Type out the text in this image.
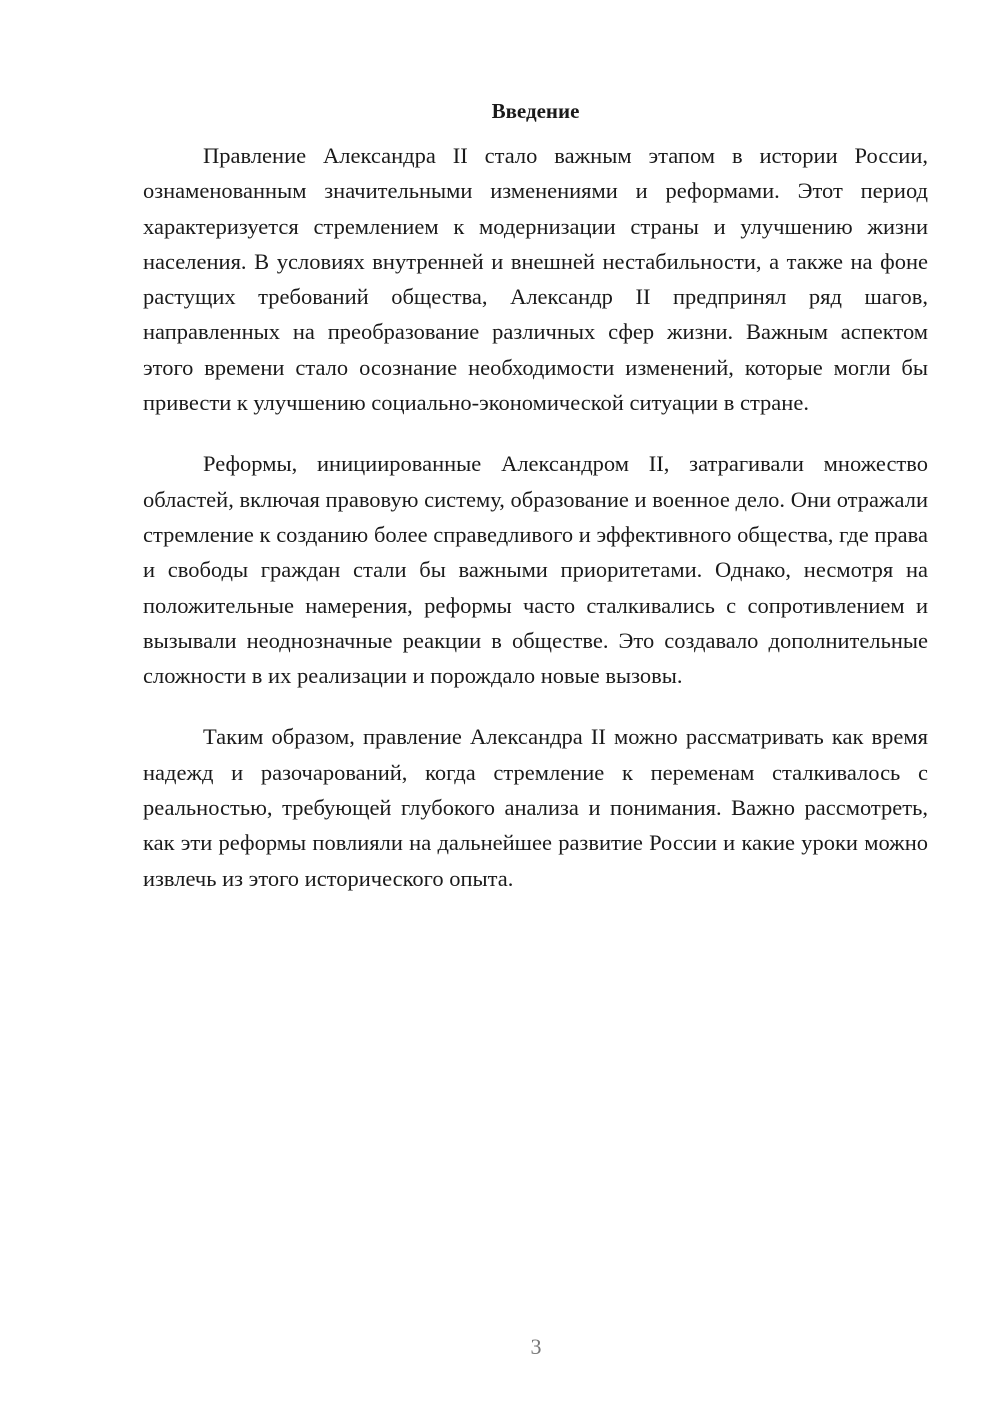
Введение

Правление Александра II стало важным этапом в истории России, ознаменованным значительными изменениями и реформами. Этот период характеризуется стремлением к модернизации страны и улучшению жизни населения. В условиях внутренней и внешней нестабильности, а также на фоне растущих требований общества, Александр II предпринял ряд шагов, направленных на преобразование различных сфер жизни. Важным аспектом этого времени стало осознание необходимости изменений, которые могли бы привести к улучшению социально-экономической ситуации в стране.

Реформы, инициированные Александром II, затрагивали множество областей, включая правовую систему, образование и военное дело. Они отражали стремление к созданию более справедливого и эффективного общества, где права и свободы граждан стали бы важными приоритетами. Однако, несмотря на положительные намерения, реформы часто сталкивались с сопротивлением и вызывали неоднозначные реакции в обществе. Это создавало дополнительные сложности в их реализации и порождало новые вызовы.

Таким образом, правление Александра II можно рассматривать как время надежд и разочарований, когда стремление к переменам сталкивалось с реальностью, требующей глубокого анализа и понимания. Важно рассмотреть, как эти реформы повлияли на дальнейшее развитие России и какие уроки можно извлечь из этого исторического опыта.

3
